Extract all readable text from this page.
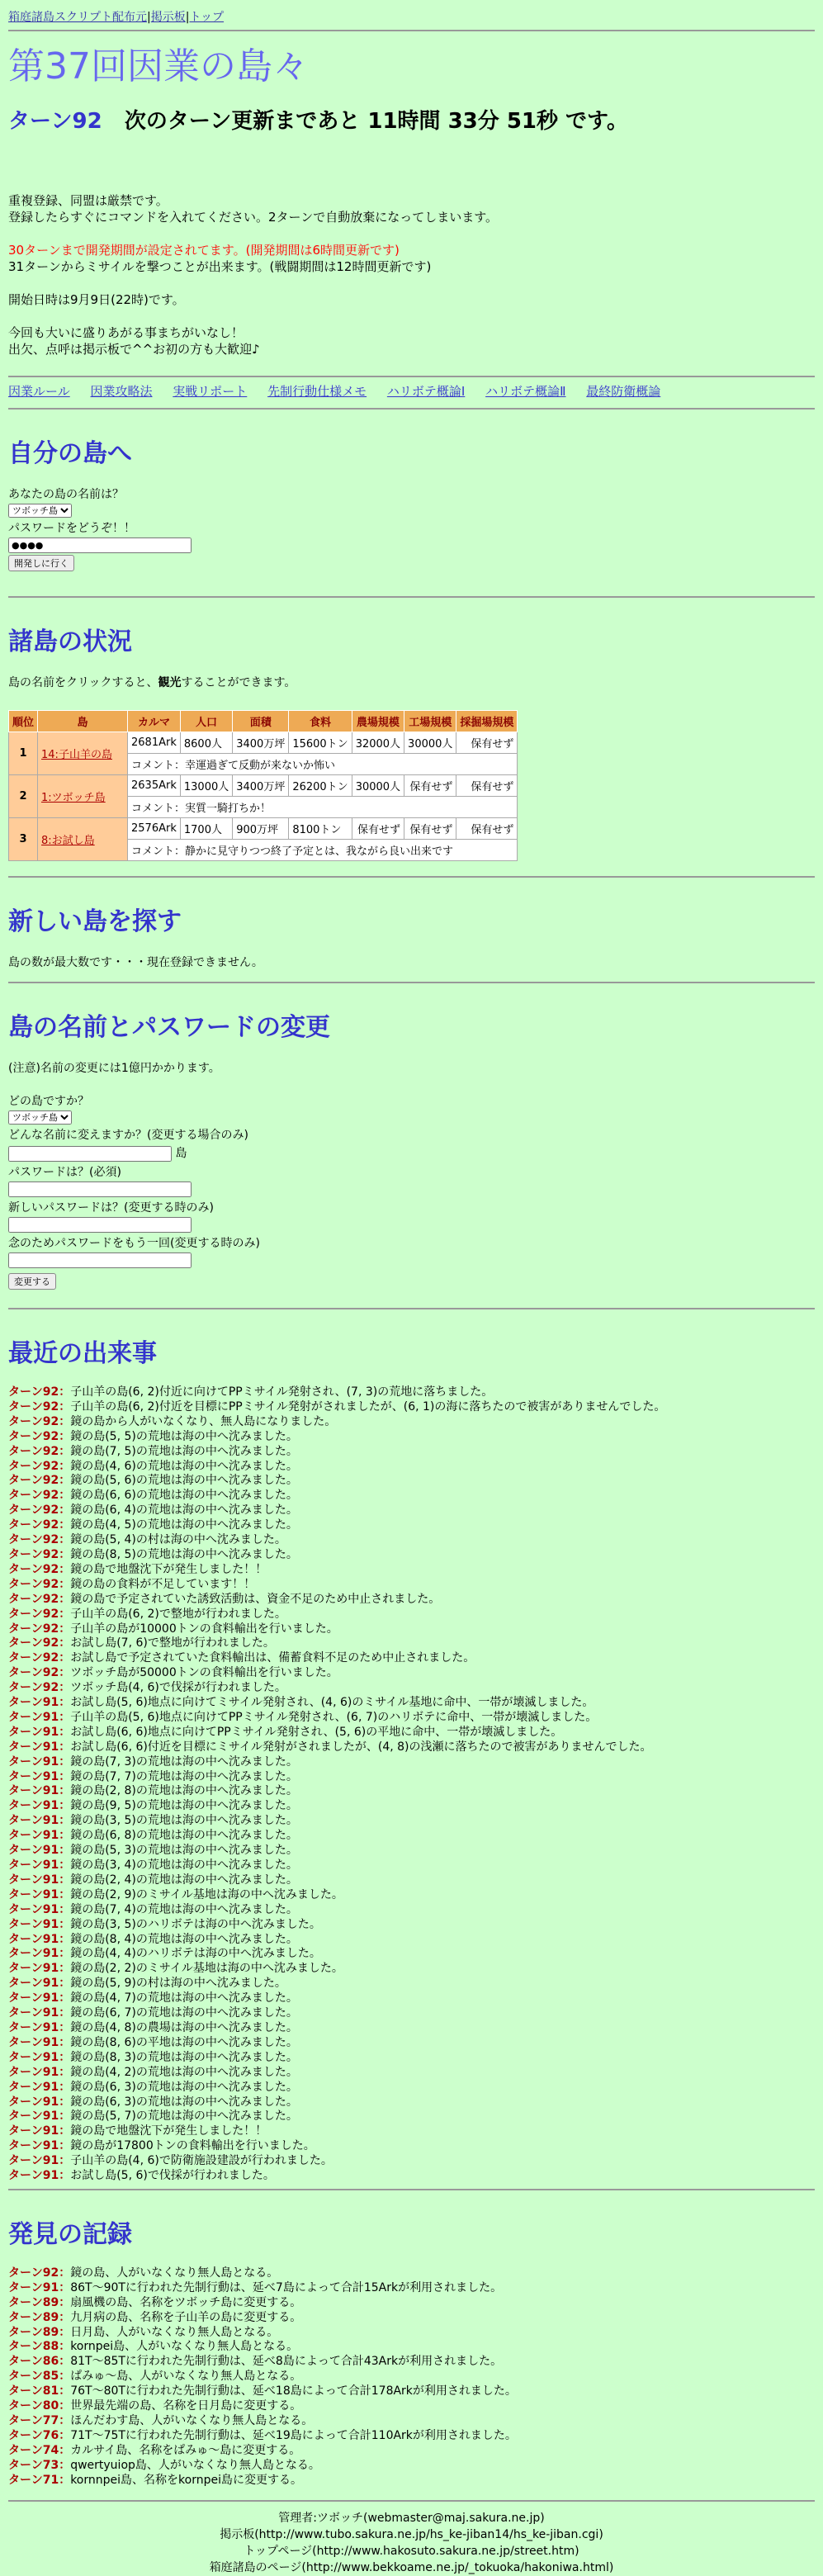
箱庭諸島スクリプト配布元|掲示板|トップ
第37回因業の島々
ターン92 次のターン更新まであと 11時間 33分 51秒 です。

重複登録、同盟は厳禁です。

登録したらすぐにコマンドを入れてください。2ターンで自動放棄になってしまいます。

30ターンまで開発期間が設定されてます。(開発期間は6時間更新です)

31ターンからミサイルを撃つことが出来ます。(戦闘期間は12時間更新です)

開始日時は9月9日(22時)です。

今回も大いに盛りあがる事まちがいなし！

出欠、点呼は掲示板で^^お初の方も大歓迎♪

因業ルール 因業攻略法 実戦リポート 先制行動仕様メモ ハリボテ概論Ⅰ ハリボテ概論Ⅱ 最終防衛概論
自分の島へ
あなたの島の名前は？
ツボッチ島
パスワードをどうぞ！！
●●●●
開発しに行く
諸島の状況
島の名前をクリックすると、観光することができます。
順位	島	カルマ	人口	面積	食料	農場規模	工場規模	採掘場規模
1	14:子山羊の島	2681Ark	8600人	3400万坪	15600トン	32000人	30000人	保有せず
		コメント：幸運過ぎて反動が来ないか怖い						
2	1:ツボッチ島	2635Ark	13000人	3400万坪	26200トン	30000人	保有せず	保有せず
		コメント：実質一騎打ちか！						
3	8:お試し島	2576Ark	1700人	900万坪	8100トン	保有せず	保有せず	保有せず
		コメント：静かに見守りつつ終了予定とは、我ながら良い出来です						
新しい島を探す
島の数が最大数です・・・現在登録できません。
島の名前とパスワードの変更
(注意)名前の変更には1億円かかります。
どの島ですか？
ツボッチ島
どんな名前に変えますか？(変更する場合のみ)
島
パスワードは？(必須)
新しいパスワードは？(変更する時のみ)
念のためパスワードをもう一回(変更する時のみ)
変更する
最近の出来事
ターン92：子山羊の島(6, 2)付近に向けてPPミサイル発射され、(7, 3)の荒地に落ちました。
ターン92：子山羊の島(6, 2)付近を目標にPPミサイル発射がされましたが、(6, 1)の海に落ちたので被害がありませんでした。
ターン92：鏡の島から人がいなくなり、無人島になりました。
ターン92：鏡の島(5, 5)の荒地は海の中へ沈みました。
ターン92：鏡の島(7, 5)の荒地は海の中へ沈みました。
ターン92：鏡の島(4, 6)の荒地は海の中へ沈みました。
ターン92：鏡の島(5, 6)の荒地は海の中へ沈みました。
ターン92：鏡の島(6, 6)の荒地は海の中へ沈みました。
ターン92：鏡の島(6, 4)の荒地は海の中へ沈みました。
ターン92：鏡の島(4, 5)の荒地は海の中へ沈みました。
ターン92：鏡の島(5, 4)の村は海の中へ沈みました。
ターン92：鏡の島(8, 5)の荒地は海の中へ沈みました。
ターン92：鏡の島で地盤沈下が発生しました！！
ターン92：鏡の島の食料が不足しています！！
ターン92：鏡の島で予定されていた誘致活動は、資金不足のため中止されました。
ターン92：子山羊の島(6, 2)で整地が行われました。
ターン92：子山羊の島が10000トンの食料輸出を行いました。
ターン92：お試し島(7, 6)で整地が行われました。
ターン92：お試し島で予定されていた食料輸出は、備蓄食料不足のため中止されました。
ターン92：ツボッチ島が50000トンの食料輸出を行いました。
ターン92：ツボッチ島(4, 6)で伐採が行われました。
ターン91：お試し島(5, 6)地点に向けてミサイル発射され、(4, 6)のミサイル基地に命中、一帯が壊滅しました。
ターン91：子山羊の島(5, 6)地点に向けてPPミサイル発射され、(6, 7)のハリボテに命中、一帯が壊滅しました。
ターン91：お試し島(6, 6)地点に向けてPPミサイル発射され、(5, 6)の平地に命中、一帯が壊滅しました。
ターン91：お試し島(6, 6)付近を目標にミサイル発射がされましたが、(4, 8)の浅瀬に落ちたので被害がありませんでした。
ターン91：鏡の島(7, 3)の荒地は海の中へ沈みました。
ターン91：鏡の島(7, 7)の荒地は海の中へ沈みました。
ターン91：鏡の島(2, 8)の荒地は海の中へ沈みました。
ターン91：鏡の島(9, 5)の荒地は海の中へ沈みました。
ターン91：鏡の島(3, 5)の荒地は海の中へ沈みました。
ターン91：鏡の島(6, 8)の荒地は海の中へ沈みました。
ターン91：鏡の島(5, 3)の荒地は海の中へ沈みました。
ターン91：鏡の島(3, 4)の荒地は海の中へ沈みました。
ターン91：鏡の島(2, 4)の荒地は海の中へ沈みました。
ターン91：鏡の島(2, 9)のミサイル基地は海の中へ沈みました。
ターン91：鏡の島(7, 4)の荒地は海の中へ沈みました。
ターン91：鏡の島(3, 5)のハリボテは海の中へ沈みました。
ターン91：鏡の島(8, 4)の荒地は海の中へ沈みました。
ターン91：鏡の島(4, 4)のハリボテは海の中へ沈みました。
ターン91：鏡の島(2, 2)のミサイル基地は海の中へ沈みました。
ターン91：鏡の島(5, 9)の村は海の中へ沈みました。
ターン91：鏡の島(4, 7)の荒地は海の中へ沈みました。
ターン91：鏡の島(6, 7)の荒地は海の中へ沈みました。
ターン91：鏡の島(4, 8)の農場は海の中へ沈みました。
ターン91：鏡の島(8, 6)の平地は海の中へ沈みました。
ターン91：鏡の島(8, 3)の荒地は海の中へ沈みました。
ターン91：鏡の島(4, 2)の荒地は海の中へ沈みました。
ターン91：鏡の島(6, 3)の荒地は海の中へ沈みました。
ターン91：鏡の島(6, 3)の荒地は海の中へ沈みました。
ターン91：鏡の島(5, 7)の荒地は海の中へ沈みました。
ターン91：鏡の島で地盤沈下が発生しました！！
ターン91：鏡の島が17800トンの食料輸出を行いました。
ターン91：子山羊の島(4, 6)で防衛施設建設が行われました。
ターン91：お試し島(5, 6)で伐採が行われました。
発見の記録
ターン92：鏡の島、人がいなくなり無人島となる。
ターン91：86T〜90Tに行われた先制行動は、延べ7島によって合計15Arkが利用されました。
ターン89：扇風機の島、名称をツボッチ島に変更する。
ターン89：九月病の島、名称を子山羊の島に変更する。
ターン89：日月島、人がいなくなり無人島となる。
ターン88：kornpei島、人がいなくなり無人島となる。
ターン86：81T〜85Tに行われた先制行動は、延べ8島によって合計43Arkが利用されました。
ターン85：ぱみゅ〜島、人がいなくなり無人島となる。
ターン81：76T〜80Tに行われた先制行動は、延べ18島によって合計178Arkが利用されました。
ターン80：世界最先端の島、名称を日月島に変更する。
ターン77：ほんだわす島、人がいなくなり無人島となる。
ターン76：71T〜75Tに行われた先制行動は、延べ19島によって合計110Arkが利用されました。
ターン74：カルサイ島、名称をぱみゅ〜島に変更する。
ターン73：qwertyuiop島、人がいなくなり無人島となる。
ターン71：kornnpei島、名称をkornpei島に変更する。
管理者:ツボッチ(webmaster@maj.sakura.ne.jp)
掲示板(http://www.tubo.sakura.ne.jp/hs_ke-jiban14/hs_ke-jiban.cgi)
トップページ(http://www.hakosuto.sakura.ne.jp/street.htm)
箱庭諸島のページ(http://www.bekkoame.ne.jp/_tokuoka/hakoniwa.html)
